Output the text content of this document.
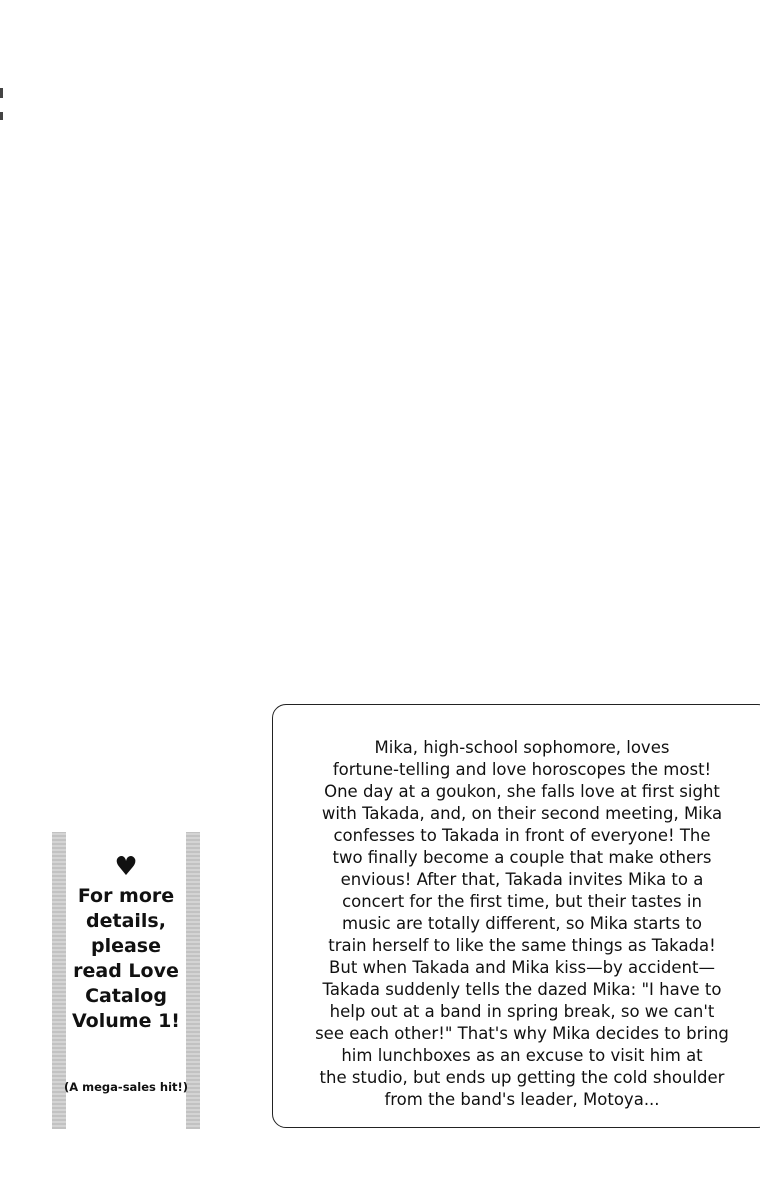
♥
For more
details,
please
read Love
Catalog
Volume 1!
(A mega-sales hit!)
Mika, high-school sophomore, loves
fortune-telling and love horoscopes the most!
One day at a goukon, she falls love at first sight
with Takada, and, on their second meeting, Mika
confesses to Takada in front of everyone! The
two finally become a couple that make others
envious! After that, Takada invites Mika to a
concert for the first time, but their tastes in
music are totally different, so Mika starts to
train herself to like the same things as Takada!
But when Takada and Mika kiss—by accident—
Takada suddenly tells the dazed Mika: "I have to
help out at a band in spring break, so we can't
see each other!" That's why Mika decides to bring
him lunchboxes as an excuse to visit him at
the studio, but ends up getting the cold shoulder
from the band's leader, Motoya...
